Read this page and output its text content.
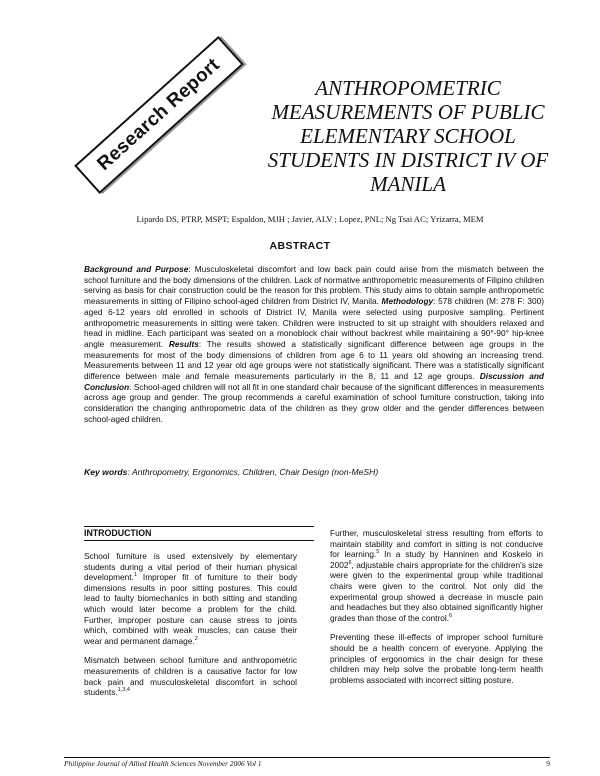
Research Report	ANTHROPOMETRIC
MEASUREMENTS OF PUBLIC
ELEMENTARY SCHOOL
STUDENTS IN DISTRICT IV OF
MANILA
Lipardo DS, PTRP, MSPT; Espaldon, MJH ; Javier, ALV ; Lopez, PNL; Ng Tsai AC; Yrizarra, MEM
ABSTRACT
Background and Purpose: Musculoskeletal discomfort and low back pain could arise from the mismatch between the school furniture and the body dimensions of the children. Lack of normative anthropometric measurements of Filipino children serving as basis for chair construction could be the reason for this problem. This study aims to obtain sample anthropometric measurements in sitting of Filipino school-aged children from District IV, Manila. Methodology: 578 children (M: 278 F: 300) aged 6-12 years old enrolled in schools of District IV, Manila were selected using purposive sampling. Pertinent anthropometric measurements in sitting were taken. Children were instructed to sit up straight with shoulders relaxed and head in midline. Each participant was seated on a monoblock chair without backrest while maintaining a 90°-90° hip-knee angle measurement. Results: The results showed a statistically significant difference between age groups in the measurements for most of the body dimensions of children from age 6 to 11 years old showing an increasing trend. Measurements between 11 and 12 year old age groups were not statistically significant. There was a statistically significant difference between male and female measurements particularly in the 8, 11 and 12 age groups. Discussion and Conclusion: School-aged children will not all fit in one standard chair because of the significant differences in measurements across age group and gender. The group recommends a careful examination of school furniture construction, taking into consideration the changing anthropometric data of the children as they grow older and the gender differences between school-aged children.
Key words: Anthropometry, Ergonomics, Children, Chair Design (non-MeSH)
INTRODUCTION

School furniture is used extensively by elementary students during a vital period of their human physical development.$^1$ Improper fit of furniture to their body dimensions results in poor sitting postures. This could lead to faulty biomechanics in both sitting and standing which would later become a problem for the child. Further, improper posture can cause stress to joints which, combined with weak muscles, can cause their wear and permanent damage.$^2$

Mismatch between school furniture and anthropometric measurements of children is a causative factor for low back pain and musculoskeletal discomfort in school students.$^{1,3,4}$

Further, musculoskeletal stress resulting from efforts to maintain stability and comfort in sitting is not conducive for learning.$^5$ In a study by Hanninen and Koskelo in 2002$^6$, adjustable chairs appropriate for the children's size were given to the experimental group while traditional chairs were given to the control. Not only did the experimental group showed a decrease in muscle pain and headaches but they also obtained significantly higher grades than those of the control.$^6$

Preventing these ill-effects of improper school furniture should be a health concern of everyone. Applying the principles of ergonomics in the chair design for these children may help solve the probable long-term health problems associated with incorrect sitting posture.

Philippine Journal of Allied Health Sciences November 2006 Vol 1	9
